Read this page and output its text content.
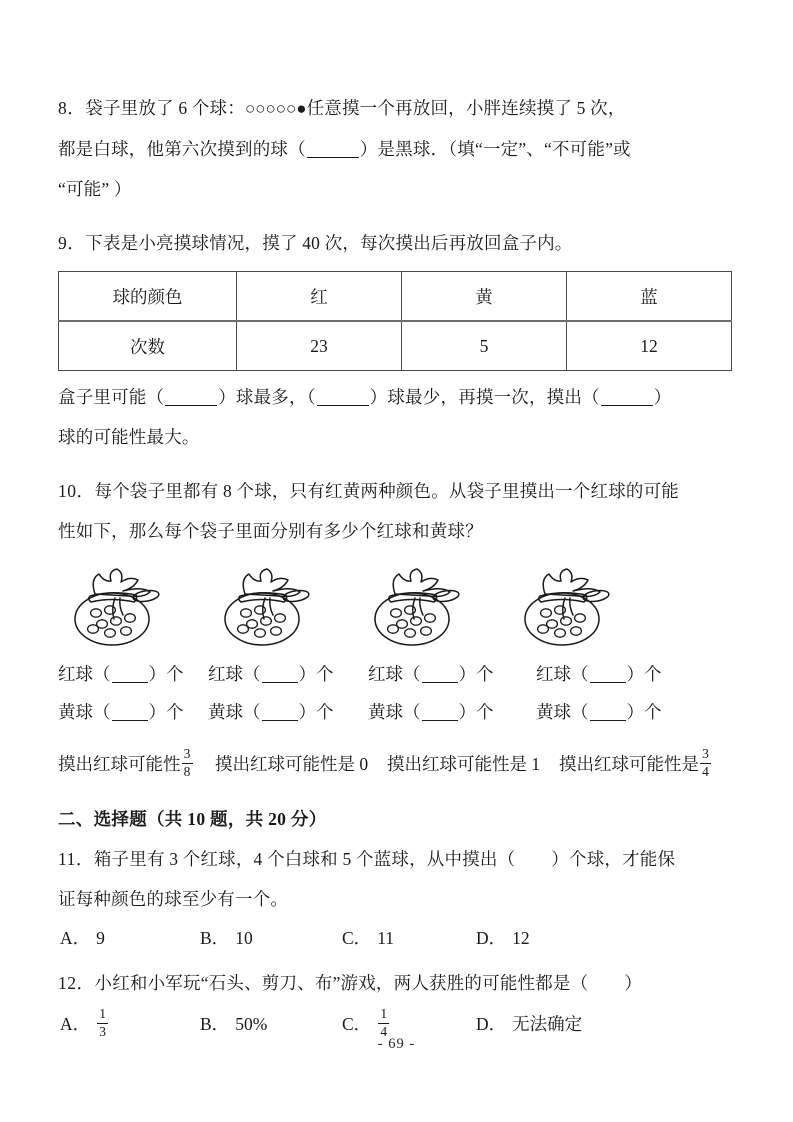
8．袋子里放了 6 个球：○○○○○●任意摸一个再放回，小胖连续摸了 5 次，
都是白球，他第六次摸到的球（	）是黑球．（填“一定”、“不可能”或
“可能” ）
9．下表是小亮摸球情况，摸了 40 次，每次摸出后再放回盒子内。
球的颜色	红	黄	蓝
次数	23	5	12
盒子里可能（	）球最多，（	）球最少，再摸一次，摸出（	）
球的可能性最大。
10．每个袋子里都有 8 个球，只有红黄两种颜色。从袋子里摸出一个红球的可能
性如下，那么每个袋子里面分别有多少个红球和黄球？
红球（ ）个	红球（ ）个	红球（ ）个	红球（ ）个
黄球（ ）个	黄球（ ）个	黄球（ ）个	黄球（ ）个
摸出红球可能性 $\frac{3}{8}$ 摸出红球可能性是 0 摸出红球可能性是 1 摸出红球可能性是 $\frac{3}{4}$
二、选择题（共 10 题，共 20 分）
11．箱子里有 3 个红球，4 个白球和 5 个蓝球，从中摸出（ ）个球，才能保
证每种颜色的球至少有一个。
A． 9	B． 10	C． 11	D． 12
12．小红和小军玩“石头、剪刀、布”游戏，两人获胜的可能性都是（ ）
A． $\frac{1}{3}$	B． 50%	C． $\frac{1}{4}$	D． 无法确定
- 69 -
